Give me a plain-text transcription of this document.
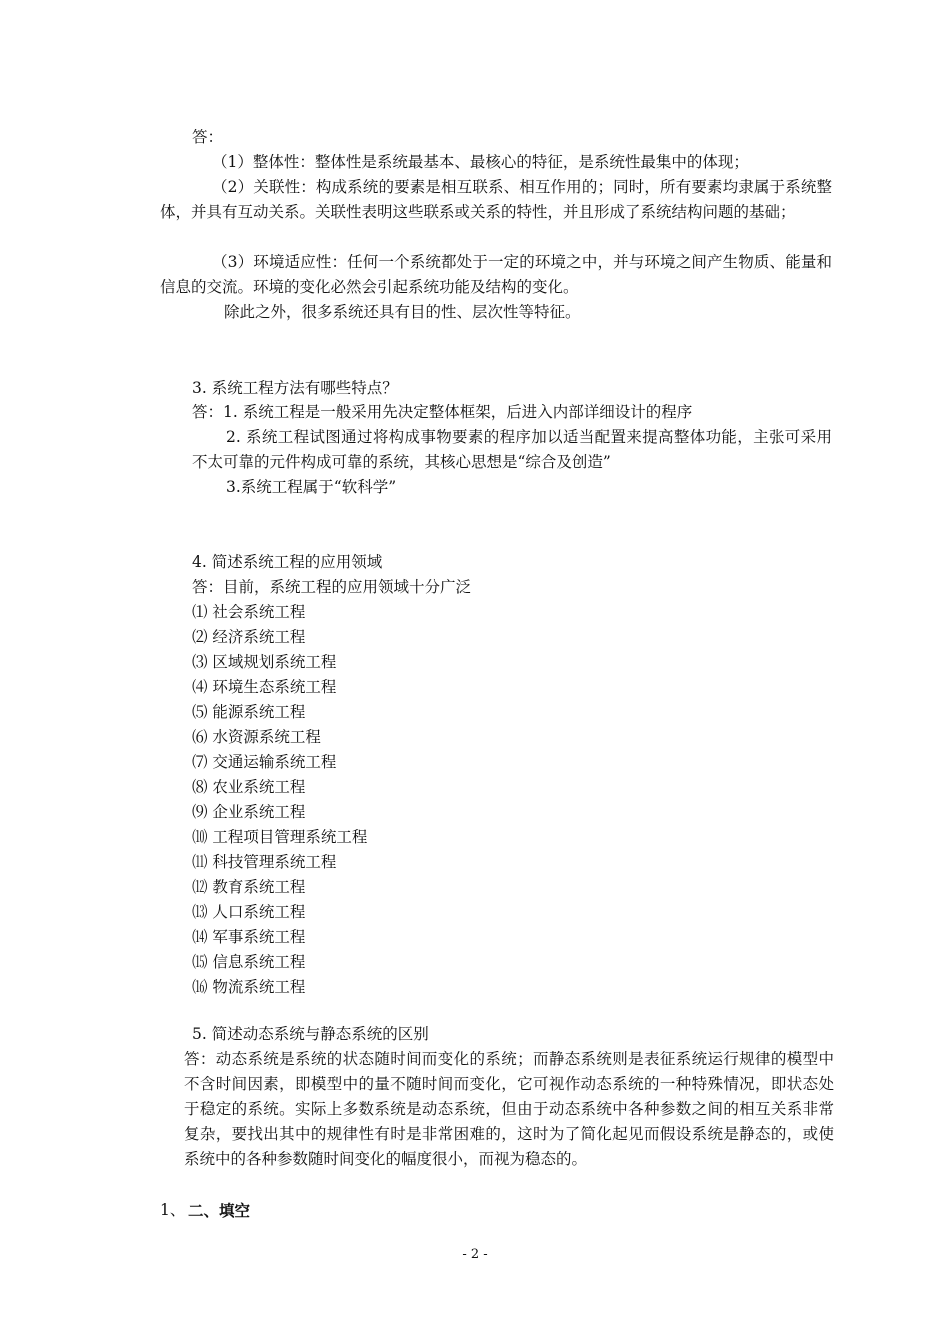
答：
（1）整体性：整体性是系统最基本、最核心的特征，是系统性最集中的体现；
（2）关联性：构成系统的要素是相互联系、相互作用的；同时，所有要素均隶属于系统整体，并具有互动关系。关联性表明这些联系或关系的特性，并且形成了系统结构问题的基础；
（3）环境适应性：任何一个系统都处于一定的环境之中，并与环境之间产生物质、能量和信息的交流。环境的变化必然会引起系统功能及结构的变化。
除此之外，很多系统还具有目的性、层次性等特征。
3. 系统工程方法有哪些特点？
答：1. 系统工程是一般采用先决定整体框架，后进入内部详细设计的程序
2. 系统工程试图通过将构成事物要素的程序加以适当配置来提高整体功能，主张可采用不太可靠的元件构成可靠的系统，其核心思想是“综合及创造”
3.系统工程属于“软科学”
4. 简述系统工程的应用领域
答：目前，系统工程的应用领域十分广泛
⑴ 社会系统工程
⑵ 经济系统工程
⑶ 区域规划系统工程
⑷ 环境生态系统工程
⑸ 能源系统工程
⑹ 水资源系统工程
⑺ 交通运输系统工程
⑻ 农业系统工程
⑼ 企业系统工程
⑽ 工程项目管理系统工程
⑾ 科技管理系统工程
⑿ 教育系统工程
⒀ 人口系统工程
⒁ 军事系统工程
⒂ 信息系统工程
⒃ 物流系统工程
5. 简述动态系统与静态系统的区别
答：动态系统是系统的状态随时间而变化的系统；而静态系统则是表征系统运行规律的模型中不含时间因素，即模型中的量不随时间而变化，它可视作动态系统的一种特殊情况，即状态处于稳定的系统。实际上多数系统是动态系统，但由于动态系统中各种参数之间的相互关系非常复杂，要找出其中的规律性有时是非常困难的，这时为了简化起见而假设系统是静态的，或使系统中的各种参数随时间变化的幅度很小，而视为稳态的。
1、 二、填空
- 2 -
